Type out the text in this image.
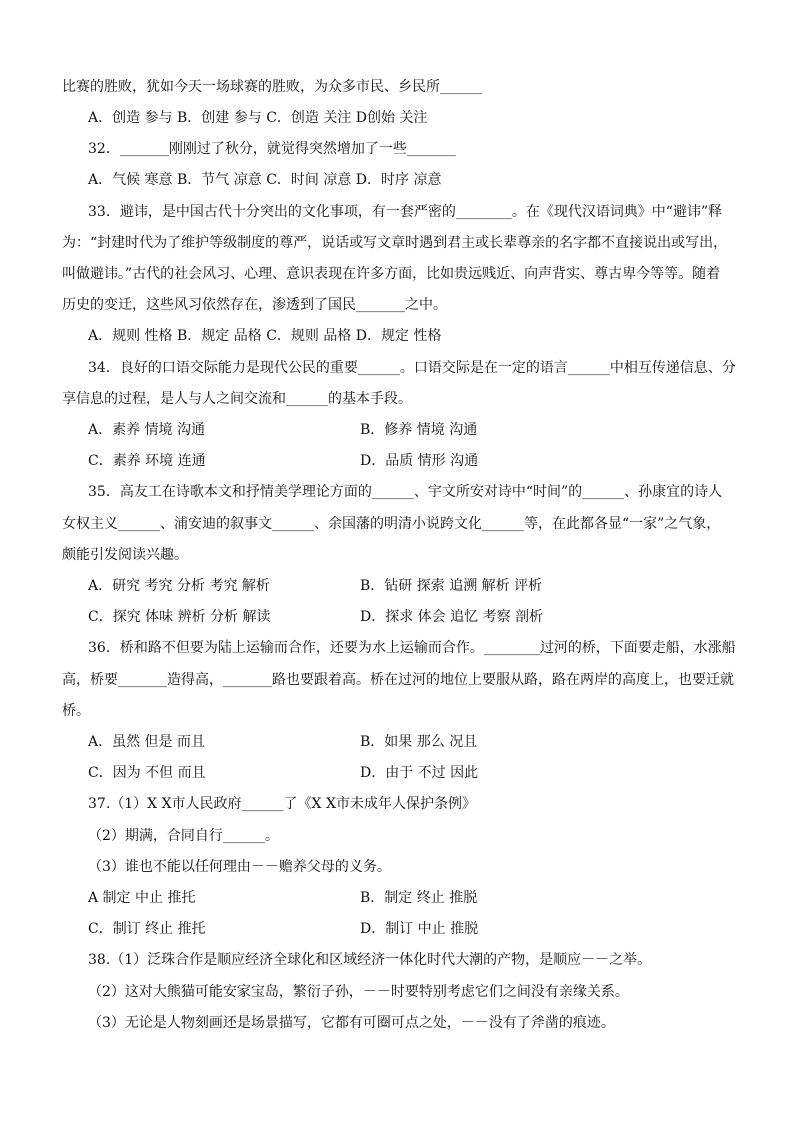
比赛的胜败，犹如今天一场球赛的胜败，为众多市民、乡民所______
A．创造 参与 B．创建 参与 C．创造 关注 D创始 关注
32．_______刚刚过了秋分，就觉得突然增加了一些_______
A．气候 寒意 B．节气 凉意 C．时间 凉意 D．时序 凉意
33．避讳，是中国古代十分突出的文化事项，有一套严密的________。在《现代汉语词典》中“避讳”释
为：“封建时代为了维护等级制度的尊严，说话或写文章时遇到君主或长辈尊亲的名字都不直接说出或写出，
叫做避讳。”古代的社会风习、心理、意识表现在许多方面，比如贵远贱近、向声背实、尊古卑今等等。随着
历史的变迁，这些风习依然存在，渗透到了国民_______之中。
A．规则 性格 B．规定 品格 C．规则 品格 D．规定 性格
34．良好的口语交际能力是现代公民的重要______。口语交际是在一定的语言______中相互传递信息、分
享信息的过程，是人与人之间交流和______的基本手段。
A．素养 情境 沟通	B．修养 情境 沟通
C．素养 环境 连通	D．品质 情形 沟通
35．高友工在诗歌本文和抒情美学理论方面的______、宇文所安对诗中“时间”的______、孙康宜的诗人
女权主义______、浦安迪的叙事文______、余国藩的明清小说跨文化______等，在此都各显“一家”之气象，
颇能引发阅读兴趣。
A．研究 考究 分析 考究 解析	B．钻研 探索 追溯 解析 评析
C．探究 体味 辨析 分析 解读	D．探求 体会 追忆 考察 剖析
36．桥和路不但要为陆上运输而合作，还要为水上运输而合作。________过河的桥，下面要走船，水涨船
高，桥要_______造得高，_______路也要跟着高。桥在过河的地位上要服从路，路在两岸的高度上，也要迁就
桥。
A．虽然 但是 而且	B．如果 那么 况且
C．因为 不但 而且	D．由于 不过 因此
37.（1）X X市人民政府______了《X X市未成年人保护条例》
（2）期满，合同自行______。
（3）谁也不能以任何理由－－赡养父母的义务。
A 制定 中止 推托	B．制定 终止 推脱
C．制订 终止 推托	D．制订 中止 推脱
38.（1）泛珠合作是顺应经济全球化和区域经济一体化时代大潮的产物，是顺应－－之举。
（2）这对大熊猫可能安家宝岛，繁衍子孙，－－时要特别考虑它们之间没有亲缘关系。
（3）无论是人物刻画还是场景描写，它都有可圈可点之处，－－没有了斧凿的痕迹。
